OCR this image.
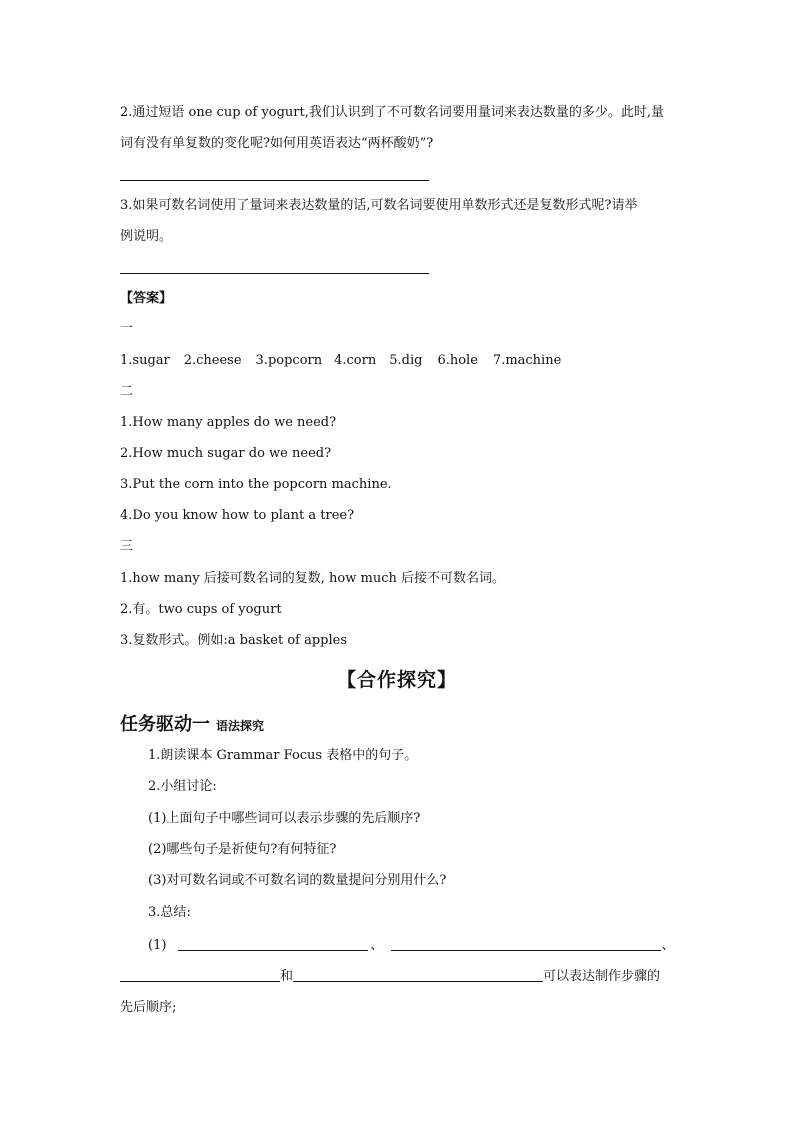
2.通过短语 one cup of yogurt,我们认识到了不可数名词要用量词来表达数量的多少。此时,量
词有没有单复数的变化呢?如何用英语表达“两杯酸奶”?
3.如果可数名词使用了量词来表达数量的话,可数名词要使用单数形式还是复数形式呢?请举
例说明。
【答案】
一
1.sugar 2.cheese 3.popcorn 4.corn 5.dig 6.hole 7.machine
二
1.How many apples do we need?
2.How much sugar do we need?
3.Put the corn into the popcorn machine.
4.Do you know how to plant a tree?
三
1.how many 后接可数名词的复数, how much 后接不可数名词。
2.有。two cups of yogurt
3.复数形式。例如:a basket of apples
【合作探究】
任务驱动一 语法探究
1.朗读课本 Grammar Focus 表格中的句子。
2.小组讨论:
(1)上面句子中哪些词可以表示步骤的先后顺序?
(2)哪些句子是祈使句?有何特征?
(3)对可数名词或不可数名词的数量提问分别用什么?
3.总结:
(1)	、	、
和	可以表达制作步骤的
先后顺序;
